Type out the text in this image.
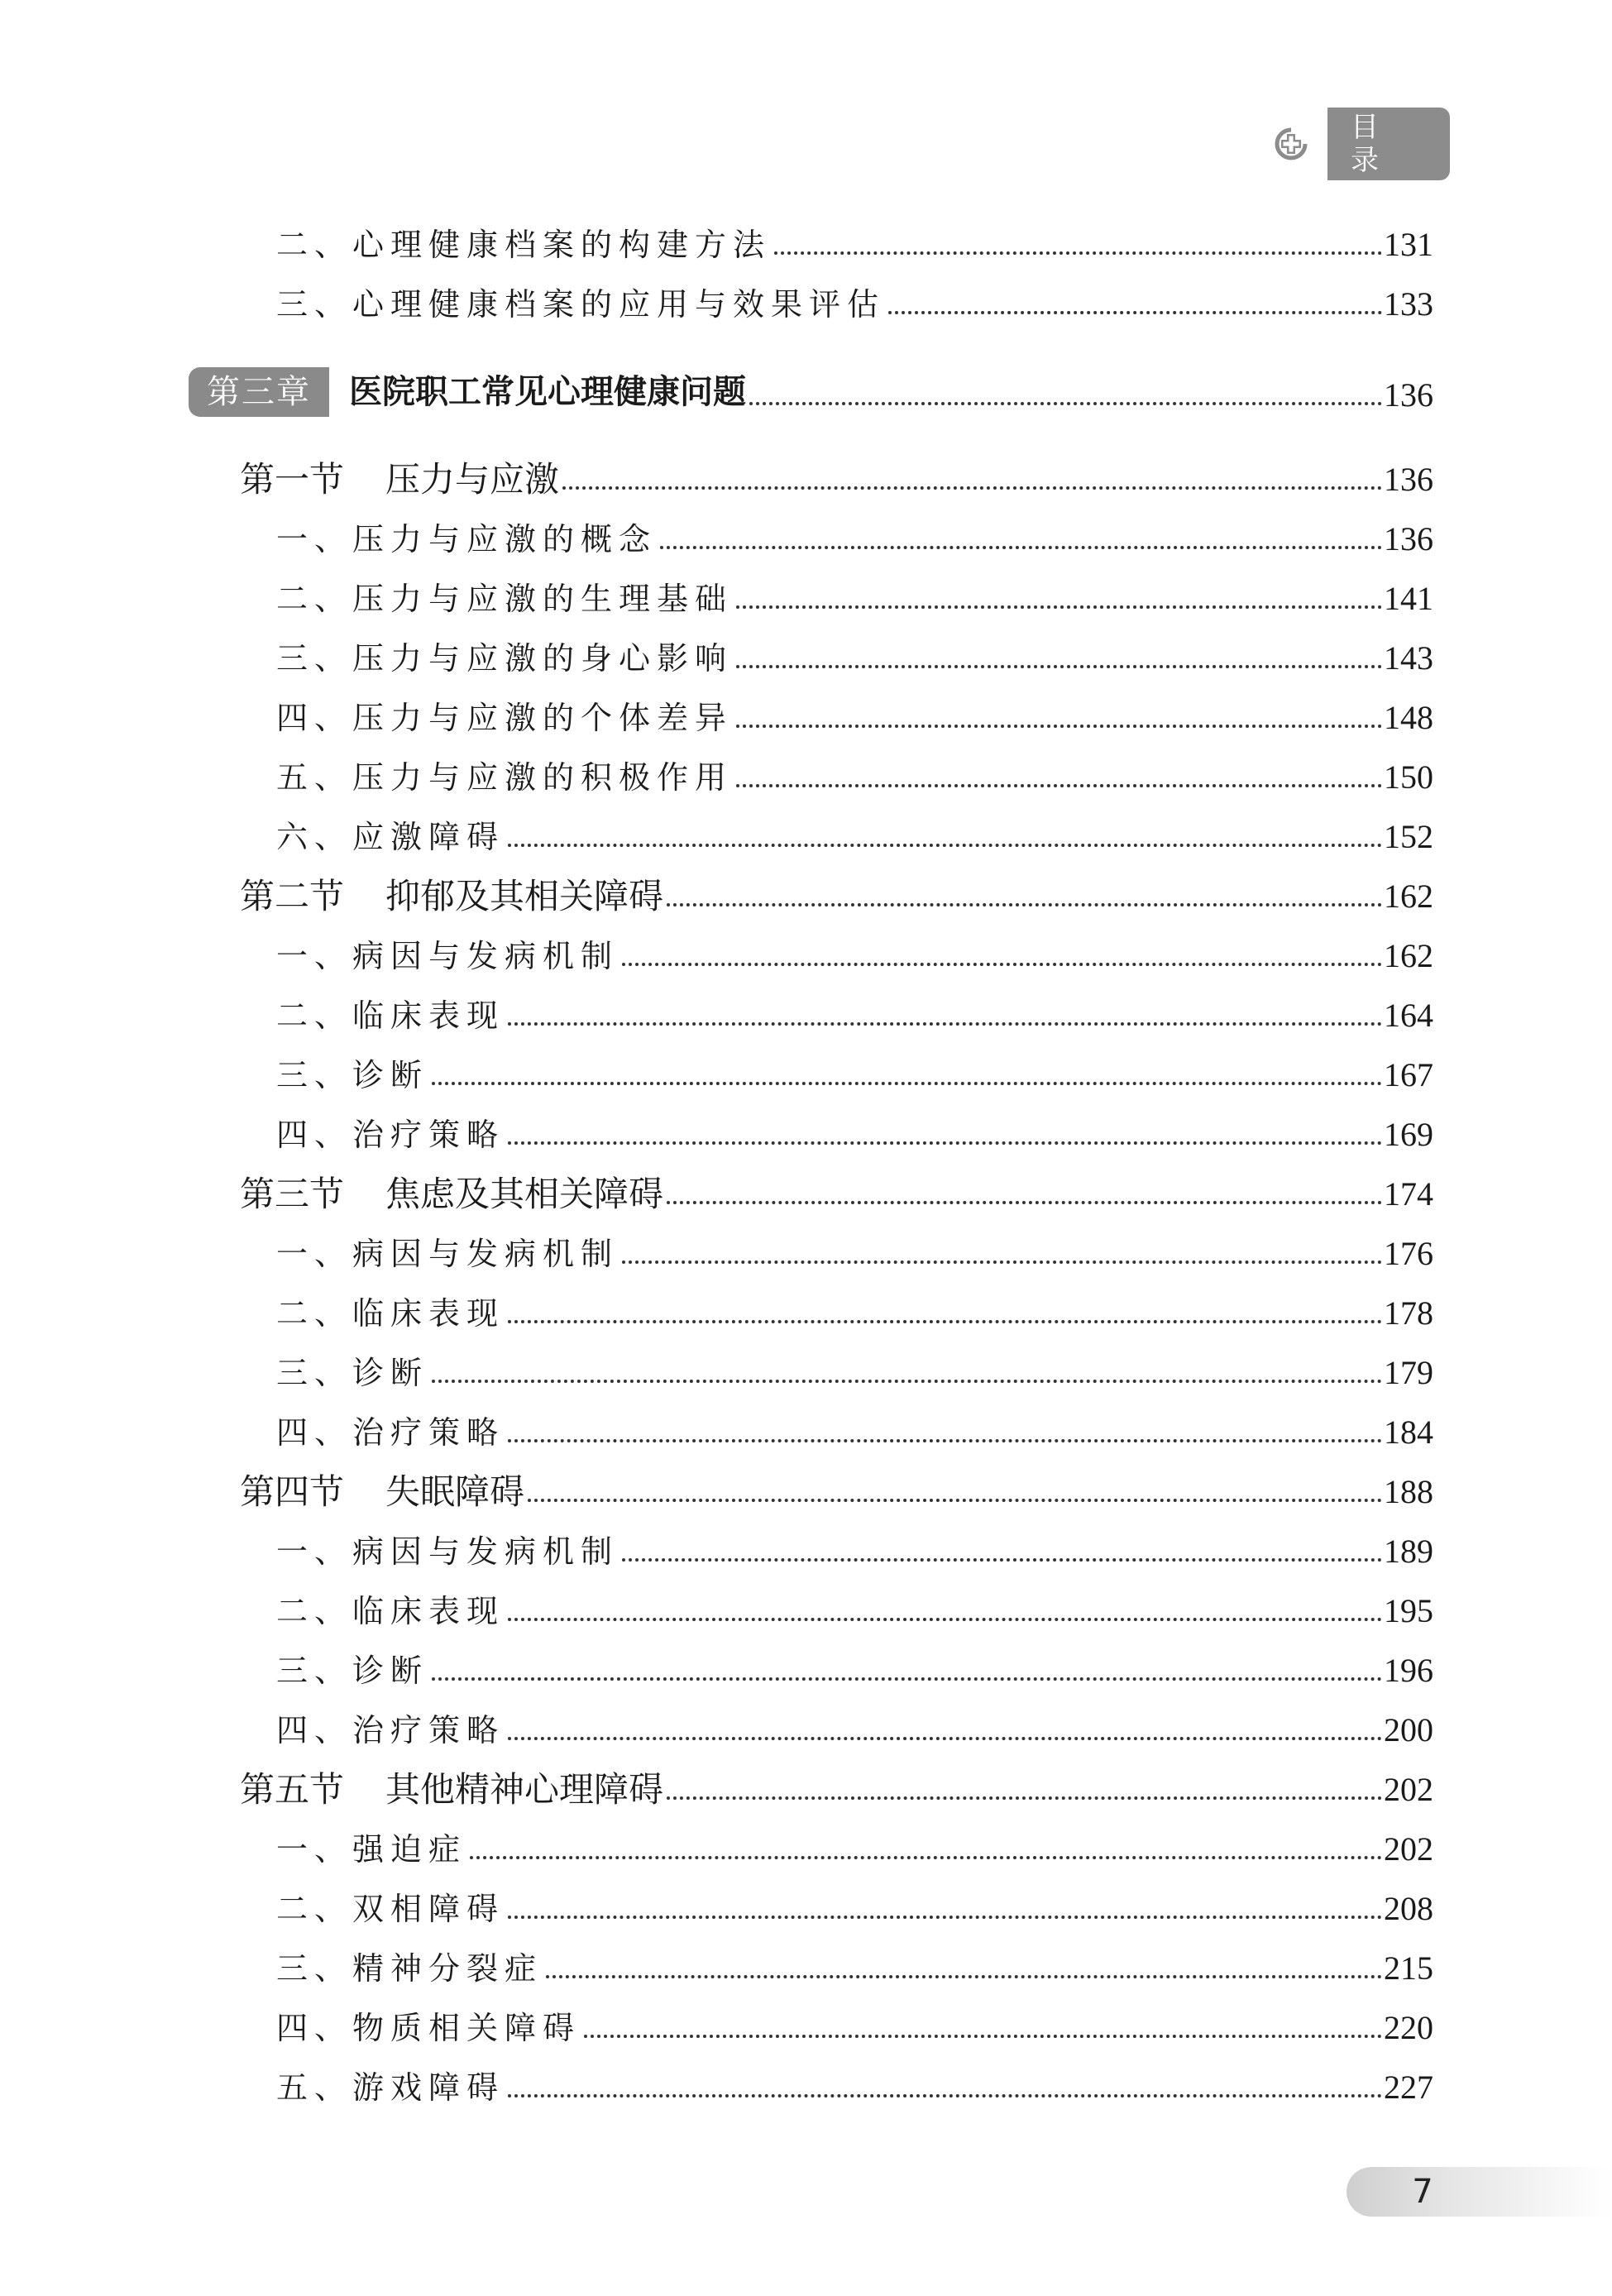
目录
二、心理健康档案的构建方法	131
三、心理健康档案的应用与效果评估	133
第三章	医院职工常见心理健康问题	136
第一节 压力与应激	136
一、压力与应激的概念	136
二、压力与应激的生理基础	141
三、压力与应激的身心影响	143
四、压力与应激的个体差异	148
五、压力与应激的积极作用	150
六、应激障碍	152
第二节 抑郁及其相关障碍	162
一、病因与发病机制	162
二、临床表现	164
三、诊断	167
四、治疗策略	169
第三节 焦虑及其相关障碍	174
一、病因与发病机制	176
二、临床表现	178
三、诊断	179
四、治疗策略	184
第四节 失眠障碍	188
一、病因与发病机制	189
二、临床表现	195
三、诊断	196
四、治疗策略	200
第五节 其他精神心理障碍	202
一、强迫症	202
二、双相障碍	208
三、精神分裂症	215
四、物质相关障碍	220
五、游戏障碍	227
7
